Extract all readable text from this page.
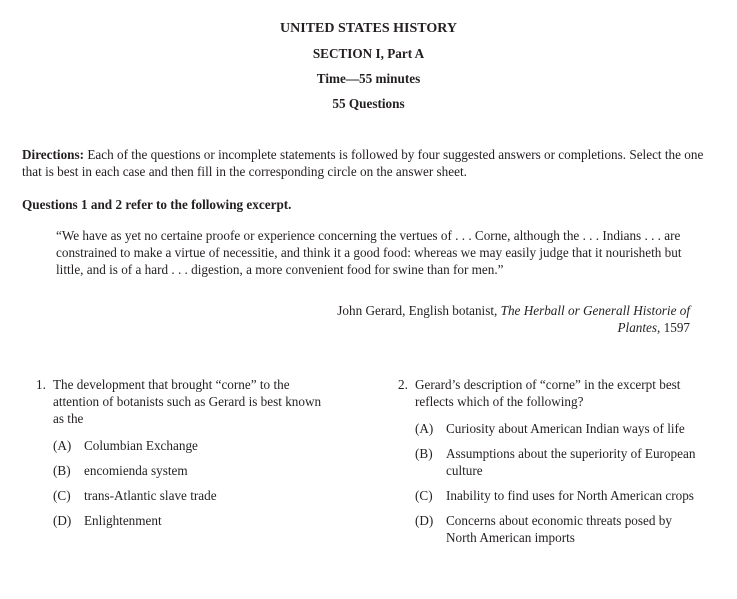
UNITED STATES HISTORY
SECTION I, Part A
Time—55 minutes
55 Questions
Directions: Each of the questions or incomplete statements is followed by four suggested answers or completions. Select the one that is best in each case and then fill in the corresponding circle on the answer sheet.
Questions 1 and 2 refer to the following excerpt.
“We have as yet no certaine proofe or experience concerning the vertues of . . . Corne, although the . . . Indians . . . are constrained to make a virtue of necessitie, and think it a good food: whereas we may easily judge that it nourisheth but little, and is of a hard . . . digestion, a more convenient food for swine than for men.”
John Gerard, English botanist, The Herball or Generall Historie of Plantes, 1597
1. The development that brought “corne” to the attention of botanists such as Gerard is best known as the
(A) Columbian Exchange
(B)	encomienda system
(C)	trans-Atlantic slave trade
(D) Enlightenment
2. Gerard’s description of “corne” in the excerpt best reflects which of the following?
(A) Curiosity about American Indian ways of life
(B)	Assumptions about the superiority of European culture
(C)	Inability to find uses for North American crops
(D) Concerns about economic threats posed by North American imports
